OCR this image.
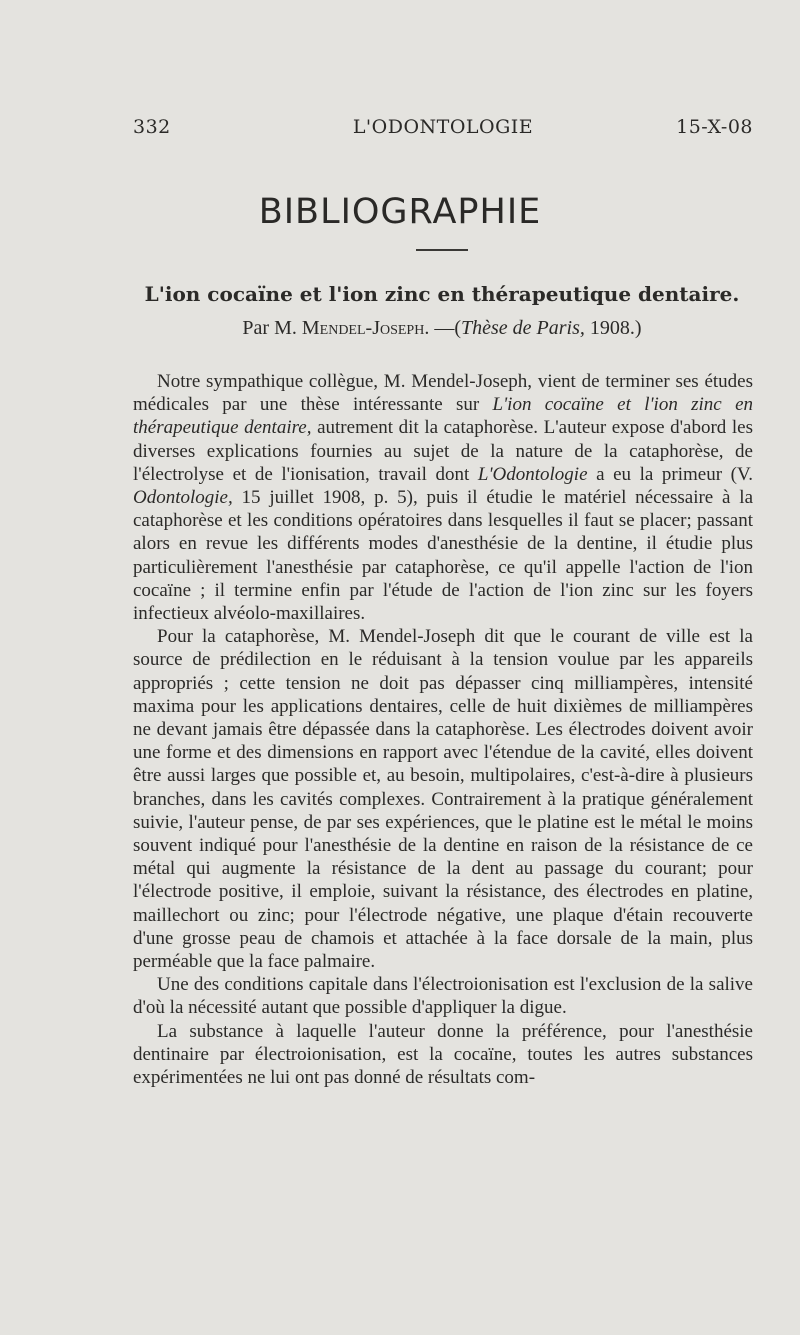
332	L'ODONTOLOGIE	15-X-08
BIBLIOGRAPHIE
L'ion cocaïne et l'ion zinc en thérapeutique dentaire.
Par M. Mendel-Joseph. —(Thèse de Paris, 1908.)

Notre sympathique collègue, M. Mendel-Joseph, vient de terminer ses études médicales par une thèse intéressante sur L'ion cocaïne et l'ion zinc en thérapeutique dentaire, autrement dit la cataphorèse. L'auteur expose d'abord les diverses explications fournies au sujet de la nature de la cataphorèse, de l'électrolyse et de l'ionisation, travail dont L'Odontologie a eu la primeur (V. Odontologie, 15 juillet 1908, p. 5), puis il étudie le matériel nécessaire à la cataphorèse et les conditions opératoires dans lesquelles il faut se placer; passant alors en revue les différents modes d'anesthésie de la dentine, il étudie plus particulièrement l'anesthésie par cataphorèse, ce qu'il appelle l'action de l'ion cocaïne ; il termine enfin par l'étude de l'action de l'ion zinc sur les foyers infectieux alvéolo-maxillaires.

Pour la cataphorèse, M. Mendel-Joseph dit que le courant de ville est la source de prédilection en le réduisant à la tension voulue par les appareils appropriés ; cette tension ne doit pas dépasser cinq milliampères, intensité maxima pour les applications dentaires, celle de huit dixièmes de milliampères ne devant jamais être dépassée dans la cataphorèse. Les électrodes doivent avoir une forme et des dimensions en rapport avec l'étendue de la cavité, elles doivent être aussi larges que possible et, au besoin, multipolaires, c'est-à-dire à plusieurs branches, dans les cavités complexes. Contrairement à la pratique généralement suivie, l'auteur pense, de par ses expériences, que le platine est le métal le moins souvent indiqué pour l'anesthésie de la dentine en raison de la résistance de ce métal qui augmente la résistance de la dent au passage du courant; pour l'électrode positive, il emploie, suivant la résistance, des électrodes en platine, maillechort ou zinc; pour l'électrode négative, une plaque d'étain recouverte d'une grosse peau de chamois et attachée à la face dorsale de la main, plus perméable que la face palmaire.

Une des conditions capitale dans l'électroionisation est l'exclusion de la salive d'où la nécessité autant que possible d'appliquer la digue.

La substance à laquelle l'auteur donne la préférence, pour l'anesthésie dentinaire par électroionisation, est la cocaïne, toutes les autres substances expérimentées ne lui ont pas donné de résultats com-
